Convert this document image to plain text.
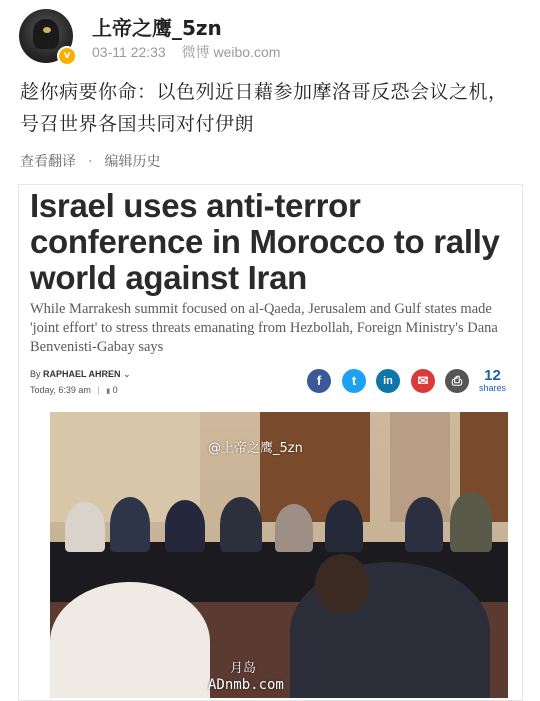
v
上帝之鹰_5zn
03-11 22:33 微博 weibo.com
趁你病要你命：以色列近日藉参加摩洛哥反恐会议之机，号召世界各国共同对付伊朗
查看翻译 · 编辑历史
Israel uses anti-terror conference in Morocco to rally world against Iran
While Marrakesh summit focused on al-Qaeda, Jerusalem and Gulf states made 'joint effort' to stress threats emanating from Hezbollah, Foreign Ministry's Dana Benvenisti-Gabay says
By RAPHAEL AHREN ⌄
Today, 6:39 am | ▮ 0
f	t	in	✉	⎙	12
shares
@上帝之鹰_5zn
月岛
ADnmb.com
